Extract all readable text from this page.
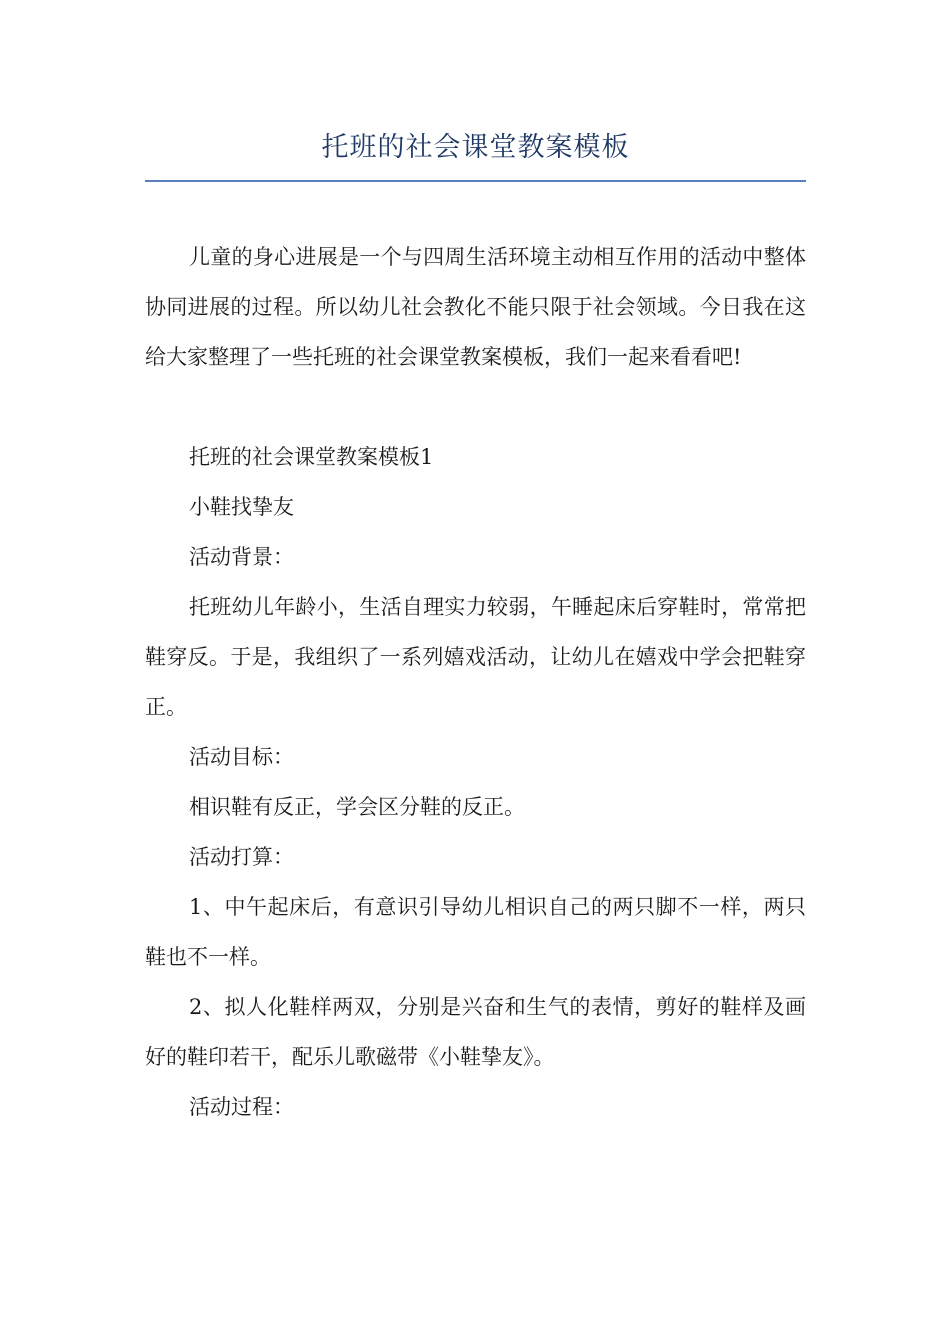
托班的社会课堂教案模板

儿童的身心进展是一个与四周生活环境主动相互作用的活动中整体协同进展的过程。所以幼儿社会教化不能只限于社会领域。今日我在这给大家整理了一些托班的社会课堂教案模板，我们一起来看看吧!

托班的社会课堂教案模板1

小鞋找挚友

活动背景：

托班幼儿年龄小，生活自理实力较弱，午睡起床后穿鞋时，常常把鞋穿反。于是，我组织了一系列嬉戏活动，让幼儿在嬉戏中学会把鞋穿正。

活动目标：

相识鞋有反正，学会区分鞋的反正。

活动打算：

1、中午起床后，有意识引导幼儿相识自己的两只脚不一样，两只鞋也不一样。

2、拟人化鞋样两双，分别是兴奋和生气的表情，剪好的鞋样及画好的鞋印若干，配乐儿歌磁带《小鞋挚友》。

活动过程：
